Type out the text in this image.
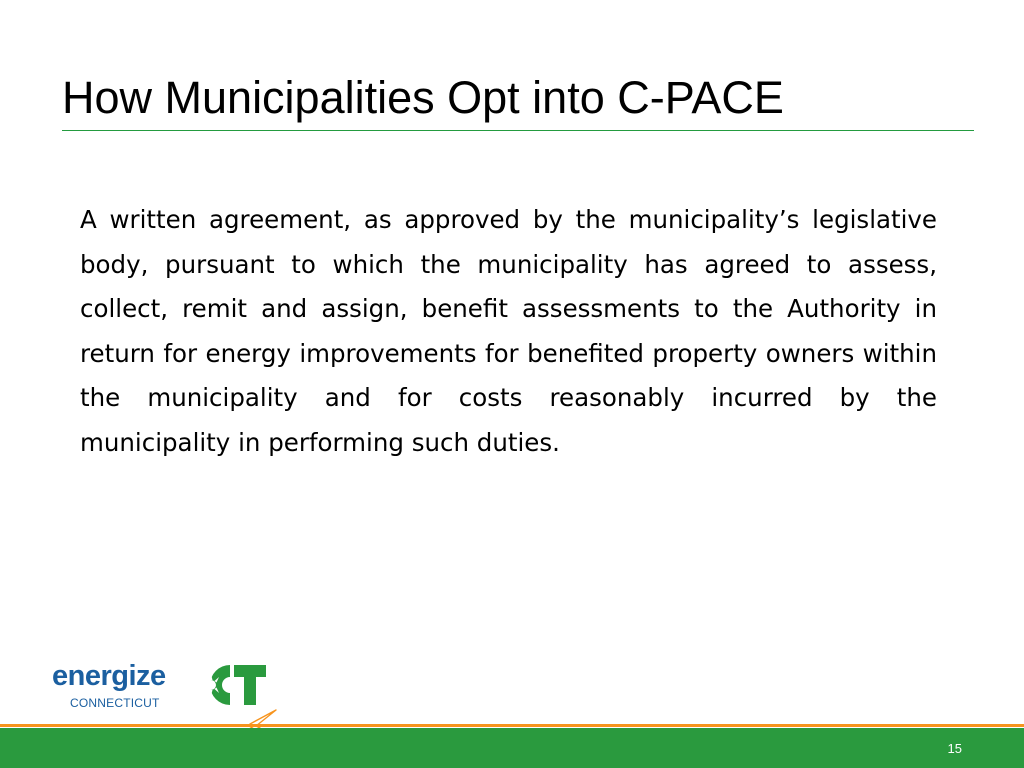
How Municipalities Opt into C-PACE

A written agreement, as approved by the municipality’s legislative body, pursuant to which the municipality has agreed to assess, collect, remit and assign, benefit assessments to the Authority in return for energy improvements for benefited property owners within the municipality and for costs reasonably incurred by the municipality in performing such duties.

energize
CONNECTICUT
15
